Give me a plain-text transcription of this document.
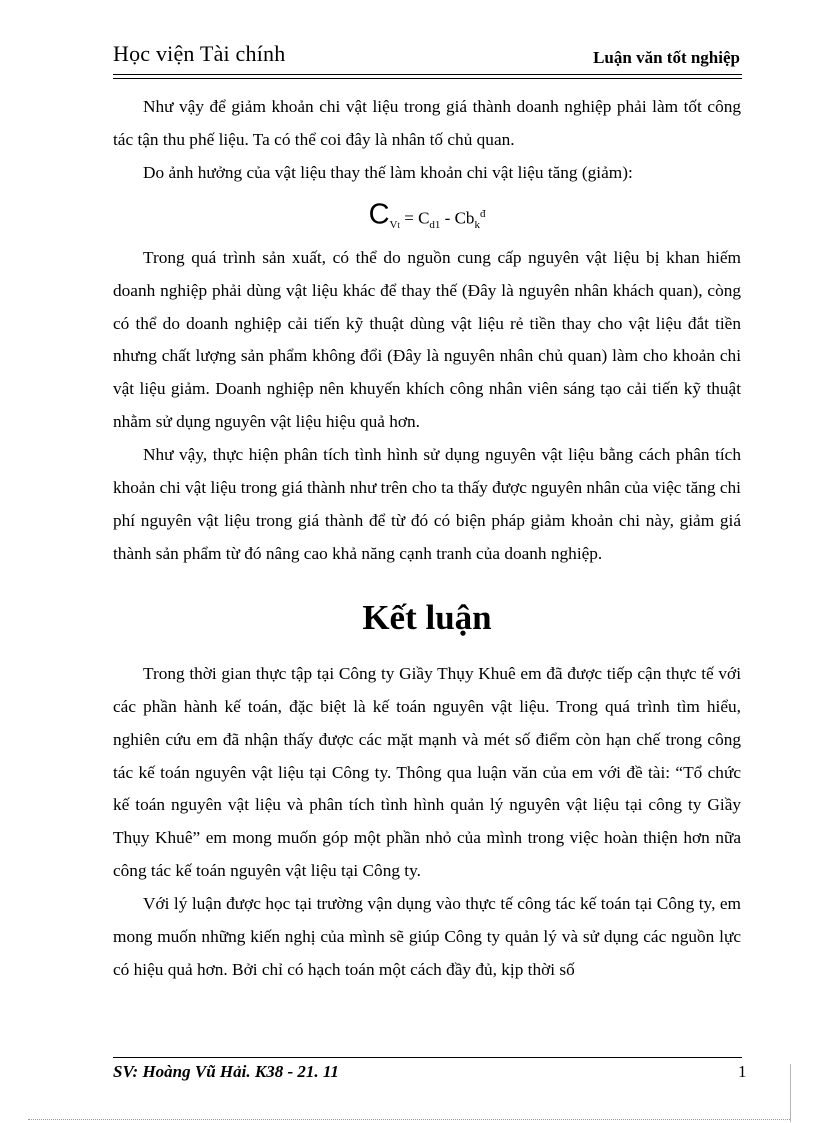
Học viện Tài chính	Luận văn tốt nghiệp

Như vậy để giảm khoản chi vật liệu trong giá thành doanh nghiệp phải làm tốt công tác tận thu phế liệu. Ta có thể coi đây là nhân tố chủ quan.

Do ảnh hưởng của vật liệu thay thế làm khoản chi vật liệu tăng (giảm):

$C_{Vt} = C_{d1} - Cb_k^đ$

Trong quá trình sản xuất, có thể do nguồn cung cấp nguyên vật liệu bị khan hiếm doanh nghiệp phải dùng vật liệu khác để thay thế (Đây là nguyên nhân khách quan), còng có thể do doanh nghiệp cải tiến kỹ thuật dùng vật liệu rẻ tiền thay cho vật liệu đắt tiền nhưng chất lượng sản phẩm không đổi (Đây là nguyên nhân chủ quan) làm cho khoản chi vật liệu giảm. Doanh nghiệp nên khuyến khích công nhân viên sáng tạo cải tiến kỹ thuật nhằm sử dụng nguyên vật liệu hiệu quả hơn.

Như vậy, thực hiện phân tích tình hình sử dụng nguyên vật liệu bằng cách phân tích khoản chi vật liệu trong giá thành như trên cho ta thấy được nguyên nhân của việc tăng chi phí nguyên vật liệu trong giá thành để từ đó có biện pháp giảm khoản chi này, giảm giá thành sản phẩm từ đó nâng cao khả năng cạnh tranh của doanh nghiệp.

Kết luận

Trong thời gian thực tập tại Công ty Giầy Thụy Khuê em đã được tiếp cận thực tế với các phần hành kế toán, đặc biệt là kế toán nguyên vật liệu. Trong quá trình tìm hiểu, nghiên cứu em đã nhận thấy được các mặt mạnh và mét số điểm còn hạn chế trong công tác kế toán nguyên vật liệu tại Công ty. Thông qua luận văn của em với đề tài: “Tổ chức kế toán nguyên vật liệu và phân tích tình hình quản lý nguyên vật liệu tại công ty Giầy Thụy Khuê” em mong muốn góp một phần nhỏ của mình trong việc hoàn thiện hơn nữa công tác kế toán nguyên vật liệu tại Công ty.

Với lý luận được học tại trường vận dụng vào thực tế công tác kế toán tại Công ty, em mong muốn những kiến nghị của mình sẽ giúp Công ty quản lý và sử dụng các nguồn lực có hiệu quả hơn. Bởi chỉ có hạch toán một cách đầy đủ, kịp thời số

SV: Hoàng Vũ Hải. K38 - 21. 11	1
